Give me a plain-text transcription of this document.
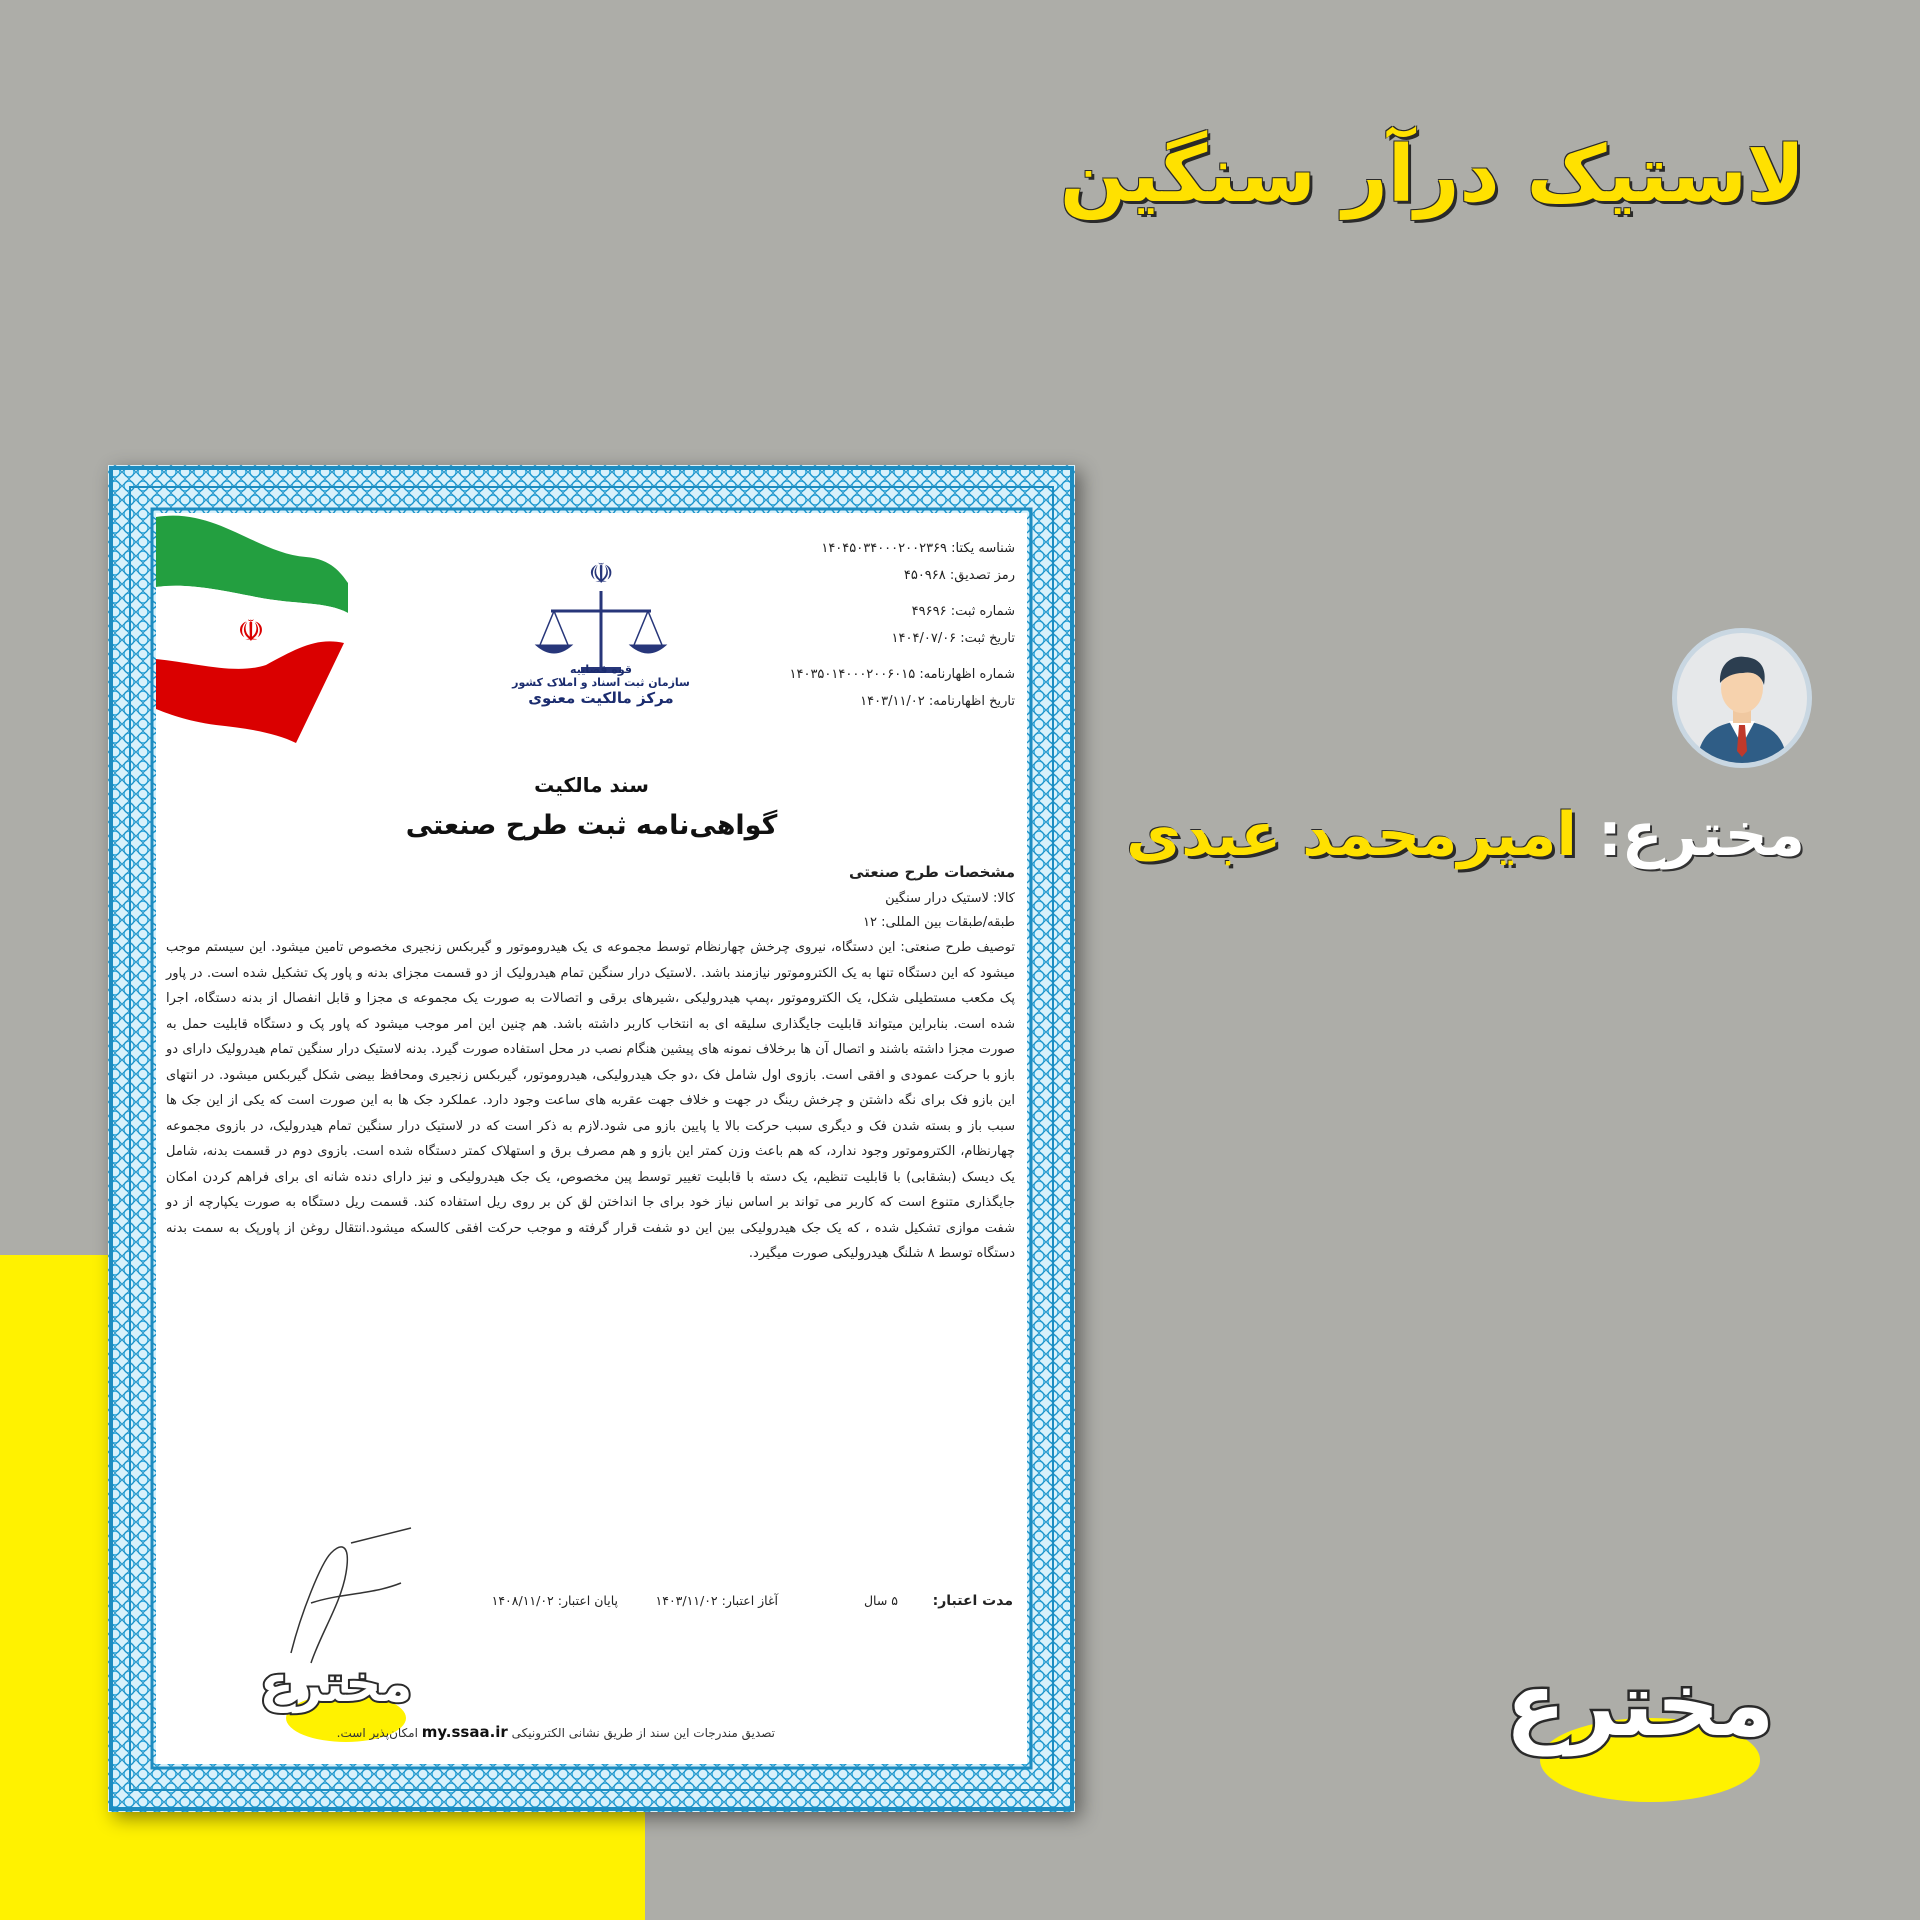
لاستیک درآر سنگین
مخترع: امیرمحمد عبدی
ﻣﺨﺘﺮﻉ
☫
☫
قوه قضاییه
سازمان ثبت اسناد و املاک کشور
مرکز مالکیت معنوی
شناسه یکتا: ۱۴۰۴۵۰۳۴۰۰۰۲۰۰۲۳۶۹
رمز تصدیق: ۴۵۰۹۶۸
شماره ثبت: ۴۹۶۹۶
تاریخ ثبت: ۱۴۰۴/۰۷/۰۶
شماره اظهارنامه: ۱۴۰۳۵۰۱۴۰۰۰۲۰۰۶۰۱۵
تاریخ اظهارنامه: ۱۴۰۳/۱۱/۰۲
سند مالکیت
گواهی‌نامه ثبت طرح صنعتی
مشخصات طرح صنعتی
کالا: لاستیک درار سنگین
طبقه/طبقات بین المللی: ۱۲
توصیف طرح صنعتی: این دستگاه، نیروی چرخش چهارنظام توسط مجموعه ی یک هیدروموتور و گیربکس زنجیری مخصوص تامین میشود. این سیستم موجب میشود که این دستگاه تنها به یک الکتروموتور نیازمند باشد. .لاستیک درار سنگین تمام هیدرولیک از دو قسمت مجزای بدنه و پاور پک تشکیل شده است. در پاور پک مکعب مستطیلی شکل، یک الکتروموتور ،پمپ هیدرولیکی ،شیرهای برقی و اتصالات به صورت یک مجموعه ی مجزا و قابل انفصال از بدنه دستگاه، اجرا شده است. بنابراین میتواند قابلیت جایگذاری سلیقه ای به انتخاب کاربر داشته باشد. هم چنین این امر موجب میشود که پاور پک و دستگاه قابلیت حمل به صورت مجزا داشته باشند و اتصال آن ها برخلاف نمونه های پیشین هنگام نصب در محل استفاده صورت گیرد. بدنه لاستیک درار سنگین تمام هیدرولیک دارای دو بازو با حرکت عمودی و افقی است. بازوی اول شامل فک ،دو جک هیدرولیکی، هیدروموتور، گیربکس زنجیری ومحافظ بیضی شکل گیربکس میشود. در انتهای این بازو فک برای نگه داشتن و چرخش رینگ در جهت و خلاف جهت عقربه های ساعت وجود دارد. عملکرد جک ها به این صورت است که یکی از این جک ها سبب باز و بسته شدن فک و دیگری سبب حرکت بالا یا پایین بازو می شود.لازم به ذکر است که در لاستیک درار سنگین تمام هیدرولیک، در بازوی مجموعه چهارنظام، الکتروموتور وجود ندارد، که هم باعث وزن کمتر این بازو و هم مصرف برق و استهلاک کمتر دستگاه شده است. بازوی دوم در قسمت بدنه، شامل یک دیسک (بشقابی) با قابلیت تنظیم، یک دسته با قابلیت تغییر توسط پین مخصوص، یک جک هیدرولیکی و نیز دارای دنده شانه ای برای فراهم کردن امکان جایگذاری متنوع است که کاربر می تواند بر اساس نیاز خود برای جا انداختن لق کن بر روی ریل استفاده کند. قسمت ریل دستگاه به صورت یکپارچه از دو شفت موازی تشکیل شده ، که یک جک هیدرولیکی بین این دو شفت قرار گرفته و موجب حرکت افقی کالسکه میشود.انتقال روغن از پاورپک به سمت بدنه دستگاه توسط ۸ شلنگ هیدرولیکی صورت میگیرد.
ﻣﺨﺘﺮﻉ
مدت اعتبار:
۵ سال
آغاز اعتبار: ۱۴۰۳/۱۱/۰۲
پایان اعتبار: ۱۴۰۸/۱۱/۰۲
تصدیق مندرجات این سند از طریق نشانی الکترونیکی my.ssaa.ir امکان‌پذیر است.
